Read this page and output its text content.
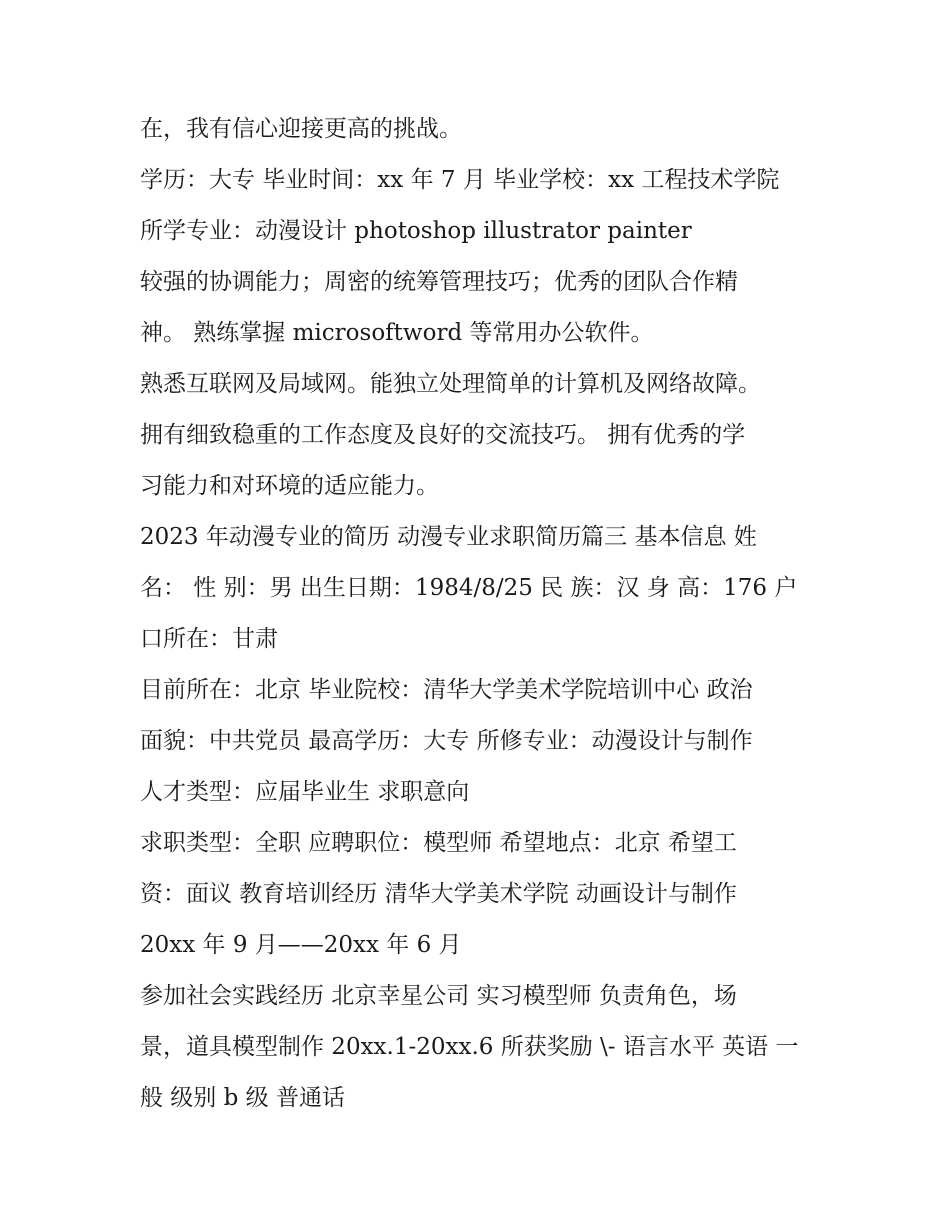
在，我有信心迎接更高的挑战。
学历：大专 毕业时间：xx 年 7 月 毕业学校：xx 工程技术学院
所学专业：动漫设计 photoshop illustrator painter
较强的协调能力；周密的统筹管理技巧；优秀的团队合作精
神。 熟练掌握 microsoftword 等常用办公软件。
熟悉互联网及局域网。能独立处理简单的计算机及网络故障。
拥有细致稳重的工作态度及良好的交流技巧。 拥有优秀的学
习能力和对环境的适应能力。
2023 年动漫专业的简历 动漫专业求职简历篇三 基本信息 姓
名： 性 别：男 出生日期：1984/8/25 民 族：汉 身 高：176 户
口所在：甘肃
目前所在：北京 毕业院校：清华大学美术学院培训中心 政治
面貌：中共党员 最高学历：大专 所修专业：动漫设计与制作
人才类型：应届毕业生 求职意向
求职类型：全职 应聘职位：模型师 希望地点：北京 希望工
资：面议 教育培训经历 清华大学美术学院 动画设计与制作
20xx 年 9 月——20xx 年 6 月
参加社会实践经历 北京幸星公司 实习模型师 负责角色，场
景，道具模型制作 20xx.1-20xx.6 所获奖励 \- 语言水平 英语 一
般 级别 b 级 普通话
